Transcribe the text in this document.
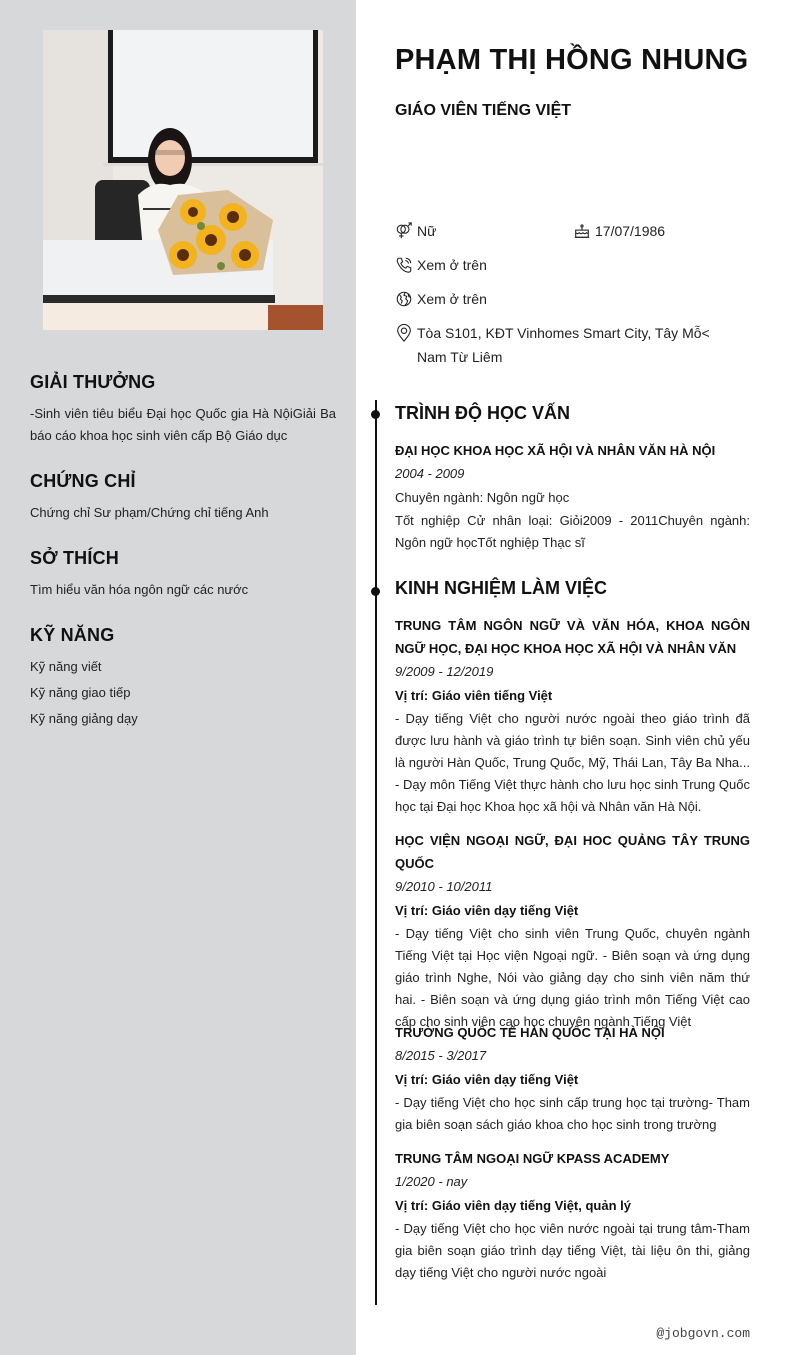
GIẢI THƯỞNG
-Sinh viên tiêu biểu Đại học Quốc gia Hà NộiGiải Ba báo cáo khoa học sinh viên cấp Bộ Giáo dục
CHỨNG CHỈ
Chứng chỉ Sư phạm/Chứng chỉ tiếng Anh
SỞ THÍCH
Tìm hiểu văn hóa ngôn ngữ các nước
KỸ NĂNG
Kỹ năng viết
Kỹ năng giao tiếp
Kỹ năng giảng dạy
PHẠM THỊ HỒNG NHUNG
GIÁO VIÊN TIẾNG VIỆT
Nữ	17/07/1986
Xem ở trên
Xem ở trên
Tòa S101, KĐT Vinhomes Smart City, Tây Mỗ< Nam Từ Liêm
TRÌNH ĐỘ HỌC VẤN
ĐẠI HỌC KHOA HỌC XÃ HỘI VÀ NHÂN VĂN HÀ NỘI
2004 - 2009
Chuyên ngành: Ngôn ngữ học
Tốt nghiệp Cử nhân loại: Giỏi2009 - 2011Chuyên ngành: Ngôn ngữ họcTốt nghiệp Thạc sĩ
KINH NGHIỆM LÀM VIỆC
TRUNG TÂM NGÔN NGỮ VÀ VĂN HÓA, KHOA NGÔN NGỮ HỌC, ĐẠI HỌC KHOA HỌC XÃ HỘI VÀ NHÂN VĂN
9/2009 - 12/2019
Vị trí: Giáo viên tiếng Việt
- Dạy tiếng Việt cho người nước ngoài theo giáo trình đã được lưu hành và giáo trình tự biên soạn. Sinh viên chủ yếu là người Hàn Quốc, Trung Quốc, Mỹ, Thái Lan, Tây Ba Nha... - Dạy môn Tiếng Việt thực hành cho lưu học sinh Trung Quốc học tại Đại học Khoa học xã hội và Nhân văn Hà Nội.
HỌC VIỆN NGOẠI NGỮ, ĐẠI HOC QUẢNG TÂY TRUNG QUỐC
9/2010 - 10/2011
Vị trí: Giáo viên dạy tiếng Việt
- Dạy tiếng Việt cho sinh viên Trung Quốc, chuyên ngành Tiếng Việt tại Học viện Ngoại ngữ. - Biên soạn và ứng dụng giáo trình Nghe, Nói vào giảng dạy cho sinh viên năm thứ hai. - Biên soạn và ứng dụng giáo trình môn Tiếng Việt cao cấp cho sinh viên cao học chuyên ngành Tiếng Việt
TRƯỜNG QUỐC TẾ HÀN QUỐC TẠI HÀ NỘI
8/2015 - 3/2017
Vị trí: Giáo viên dạy tiếng Việt
- Dạy tiếng Việt cho học sinh cấp trung học tại trường- Tham gia biên soạn sách giáo khoa cho học sinh trong trường
TRUNG TÂM NGOẠI NGỮ KPASS ACADEMY
1/2020 - nay
Vị trí: Giáo viên dạy tiếng Việt, quản lý
- Dạy tiếng Việt cho học viên nước ngoài tại trung tâm-Tham gia biên soạn giáo trình dạy tiếng Việt, tài liệu ôn thi, giảng dạy tiếng Việt cho người nước ngoài
@jobgovn.com
